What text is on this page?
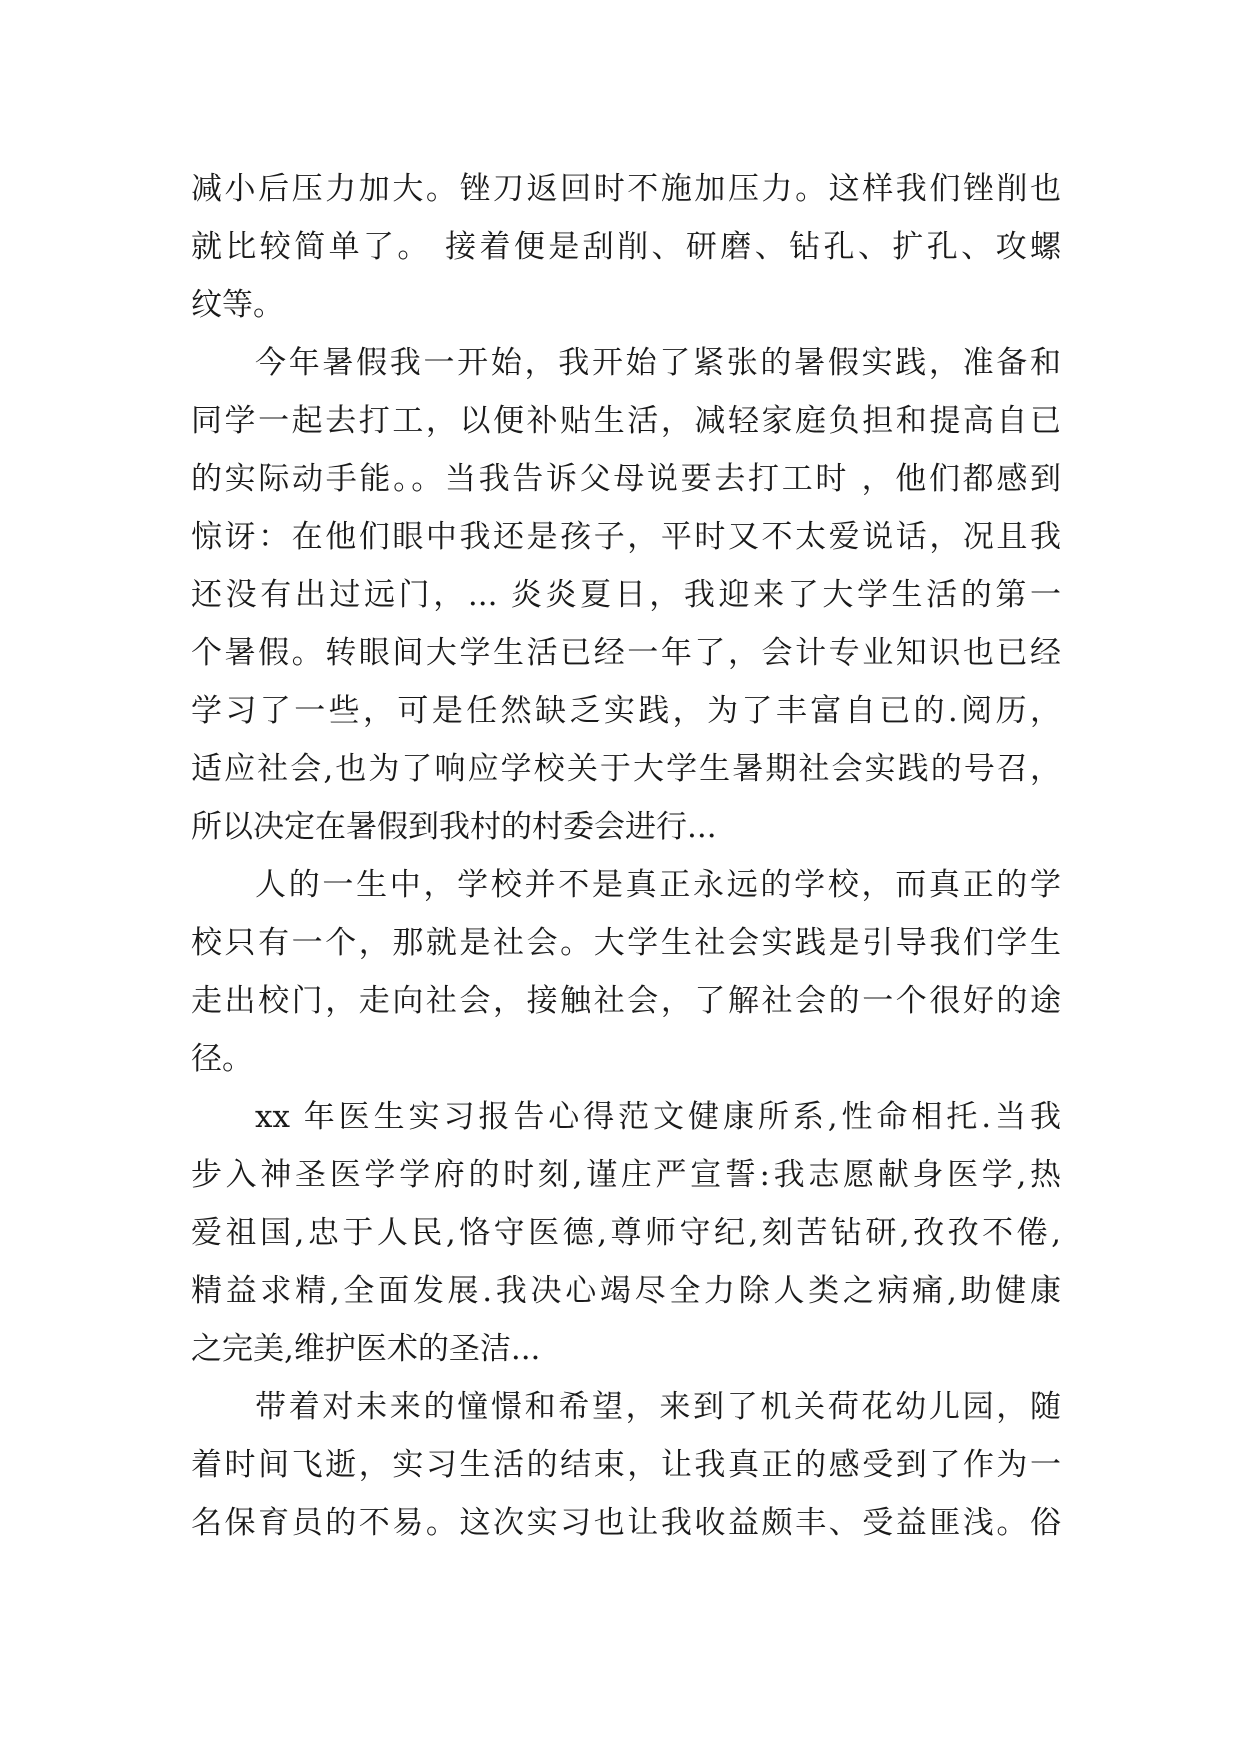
减小后压力加大。锉刀返回时不施加压力。这样我们锉削也
就比较简单了。 接着便是刮削、研磨、钻孔、扩孔、攻螺
纹等。
今年暑假我一开始，我开始了紧张的暑假实践，准备和
同学一起去打工，以便补贴生活，减轻家庭负担和提高自已
的实际动手能。。当我告诉父母说要去打工时 ，他们都感到
惊讶：在他们眼中我还是孩子，平时又不太爱说话，况且我
还没有出过远门，... 炎炎夏日，我迎来了大学生活的第一
个暑假。转眼间大学生活已经一年了，会计专业知识也已经
学习了一些，可是任然缺乏实践，为了丰富自已的.阅历，
适应社会,也为了响应学校关于大学生暑期社会实践的号召，
所以决定在暑假到我村的村委会进行...
人的一生中，学校并不是真正永远的学校，而真正的学
校只有一个，那就是社会。大学生社会实践是引导我们学生
走出校门，走向社会，接触社会，了解社会的一个很好的途
径。
xx 年医生实习报告心得范文健康所系,性命相托.当我
步入神圣医学学府的时刻,谨庄严宣誓:我志愿献身医学,热
爱祖国,忠于人民,恪守医德,尊师守纪,刻苦钻研,孜孜不倦,
精益求精,全面发展.我决心竭尽全力除人类之病痛,助健康
之完美,维护医术的圣洁...
带着对未来的憧憬和希望，来到了机关荷花幼儿园，随
着时间飞逝，实习生活的结束，让我真正的感受到了作为一
名保育员的不易。这次实习也让我收益颇丰、受益匪浅。俗
